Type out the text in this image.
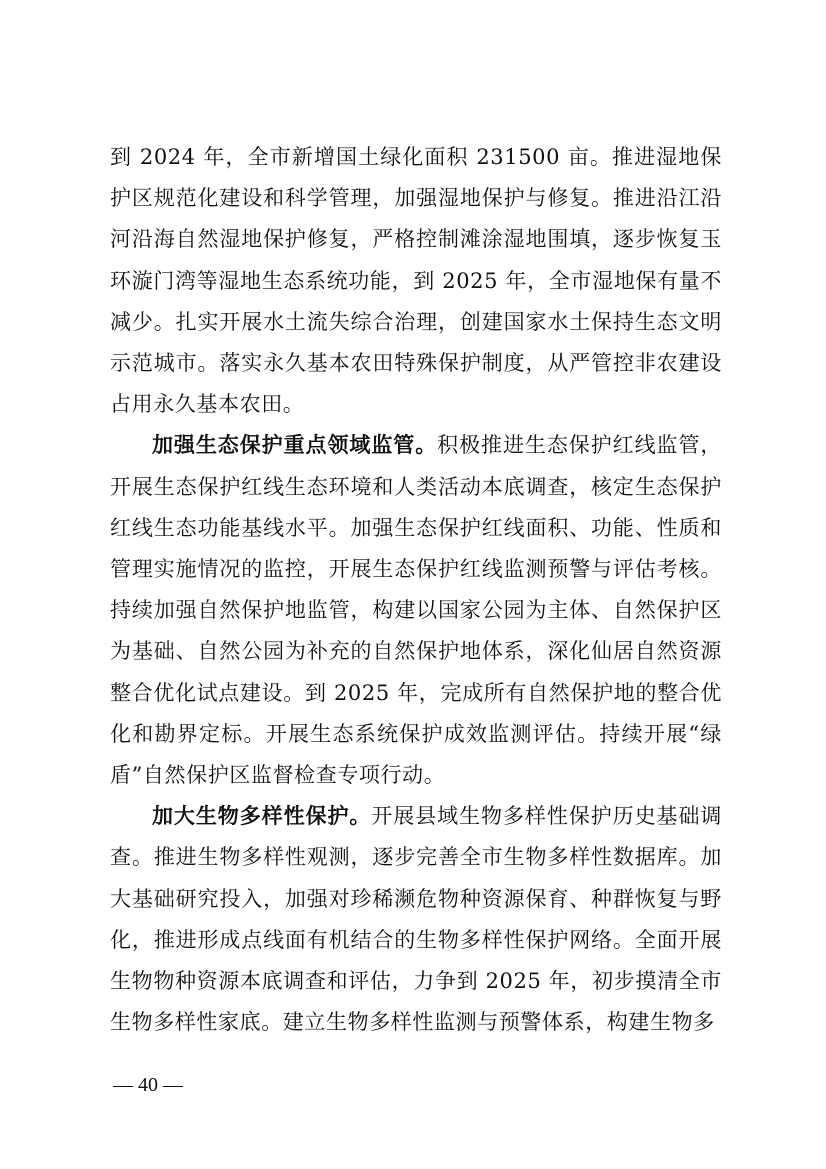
到 2024 年，全市新增国土绿化面积 231500 亩。推进湿地保护区规范化建设和科学管理，加强湿地保护与修复。推进沿江沿河沿海自然湿地保护修复，严格控制滩涂湿地围填，逐步恢复玉环漩门湾等湿地生态系统功能，到 2025 年，全市湿地保有量不减少。扎实开展水土流失综合治理，创建国家水土保持生态文明示范城市。落实永久基本农田特殊保护制度，从严管控非农建设占用永久基本农田。

加强生态保护重点领域监管。积极推进生态保护红线监管，开展生态保护红线生态环境和人类活动本底调查，核定生态保护红线生态功能基线水平。加强生态保护红线面积、功能、性质和管理实施情况的监控，开展生态保护红线监测预警与评估考核。持续加强自然保护地监管，构建以国家公园为主体、自然保护区为基础、自然公园为补充的自然保护地体系，深化仙居自然资源整合优化试点建设。到 2025 年，完成所有自然保护地的整合优化和勘界定标。开展生态系统保护成效监测评估。持续开展“绿盾”自然保护区监督检查专项行动。

加大生物多样性保护。开展县域生物多样性保护历史基础调查。推进生物多样性观测，逐步完善全市生物多样性数据库。加大基础研究投入，加强对珍稀濒危物种资源保育、种群恢复与野化，推进形成点线面有机结合的生物多样性保护网络。全面开展生物物种资源本底调查和评估，力争到 2025 年，初步摸清全市生物多样性家底。建立生物多样性监测与预警体系，构建生物多

— 40 —
